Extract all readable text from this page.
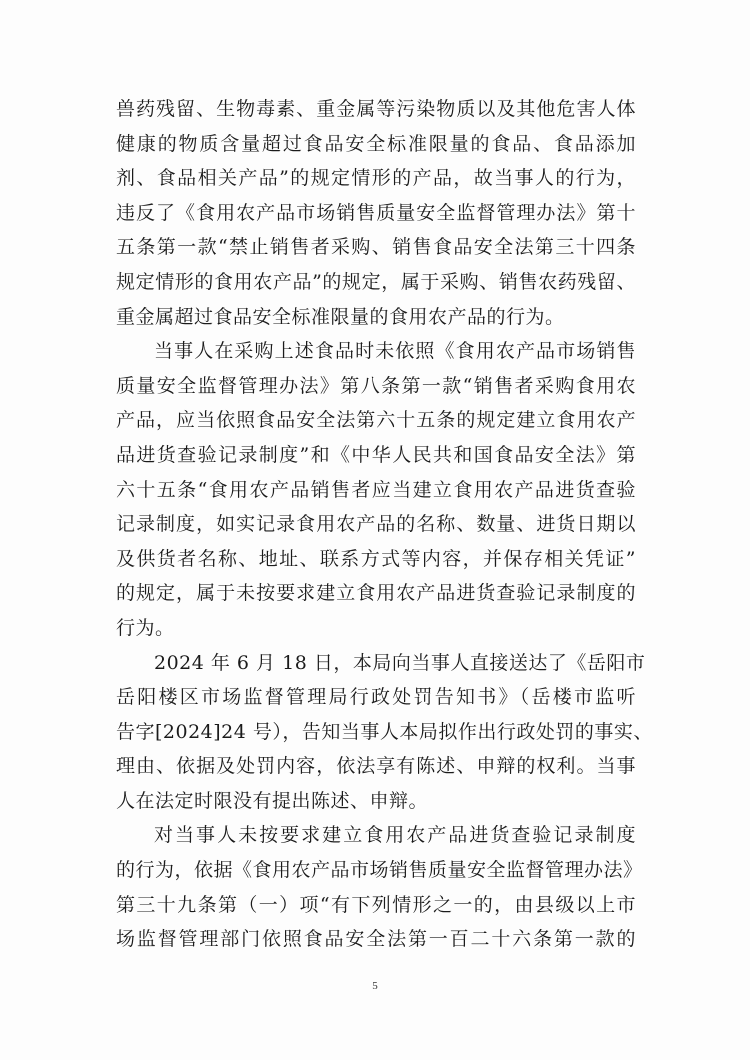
兽药残留、生物毒素、重金属等污染物质以及其他危害人体
健康的物质含量超过食品安全标准限量的食品、食品添加
剂、食品相关产品”的规定情形的产品，故当事人的行为，
违反了《食用农产品市场销售质量安全监督管理办法》第十
五条第一款“禁止销售者采购、销售食品安全法第三十四条
规定情形的食用农产品”的规定，属于采购、销售农药残留、
重金属超过食品安全标准限量的食用农产品的行为。
当事人在采购上述食品时未依照《食用农产品市场销售
质量安全监督管理办法》第八条第一款“销售者采购食用农
产品，应当依照食品安全法第六十五条的规定建立食用农产
品进货查验记录制度”和《中华人民共和国食品安全法》第
六十五条“食用农产品销售者应当建立食用农产品进货查验
记录制度，如实记录食用农产品的名称、数量、进货日期以
及供货者名称、地址、联系方式等内容，并保存相关凭证”
的规定，属于未按要求建立食用农产品进货查验记录制度的
行为。
2024 年 6 月 18 日，本局向当事人直接送达了《岳阳市
岳阳楼区市场监督管理局行政处罚告知书》（岳楼市监听
告字[2024]24 号），告知当事人本局拟作出行政处罚的事实、
理由、依据及处罚内容，依法享有陈述、申辩的权利。当事
人在法定时限没有提出陈述、申辩。
对当事人未按要求建立食用农产品进货查验记录制度
的行为，依据《食用农产品市场销售质量安全监督管理办法》
第三十九条第（一）项“有下列情形之一的，由县级以上市
场监督管理部门依照食品安全法第一百二十六条第一款的
5
